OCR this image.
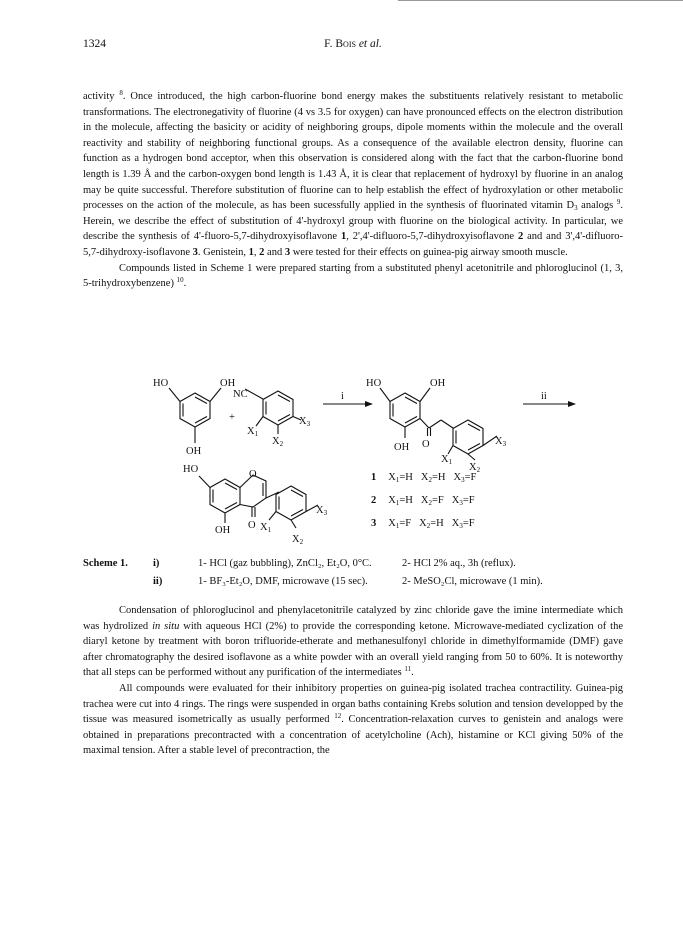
1324	F. Bois et al.

activity $^8$. Once introduced, the high carbon-fluorine bond energy makes the substituents relatively resistant to metabolic transformations. The electronegativity of fluorine (4 vs 3.5 for oxygen) can have pronounced effects on the electron distribution in the molecule, affecting the basicity or acidity of neighboring groups, dipole moments within the molecule and the overall reactivity and stability of neighboring functional groups. As a consequence of the available electron density, fluorine can function as a hydrogen bond acceptor, when this observation is considered along with the fact that the carbon-fluorine bond length is 1.39 Å and the carbon-oxygen bond length is 1.43 Å, it is clear that replacement of hydroxyl by fluorine in an analog may be quite successful. Therefore substitution of fluorine can to help establish the effect of hydroxylation or other metabolic processes on the action of the molecule, as has been sucessfully applied in the synthesis of fluorinated vitamin $D_3$ analogs $^9$. Herein, we describe the effect of substitution of 4'-hydroxyl group with fluorine on the biological activity. In particular, we describe the synthesis of 4'-fluoro-5,7-dihydroxyisoflavone 1, 2',4'-difluoro-5,7-dihydroxyisoflavone 2 and and 3',4'-difluoro-5,7-dihydroxy-isoflavone 3. Genistein, 1, 2 and 3 were tested for their effects on guinea-pig airway smooth muscle.

Compounds listed in Scheme 1 were prepared starting from a substituted phenyl acetonitrile and phloroglucinol (1, 3, 5-trihydroxybenzene) $^{10}$.

HO	OH
OH
NC
+
X1
X3
X2
i
HO	OH
OH O
X1
X3
X2
ii
HO	O
OH O X1
X3
X2
1 X1=H X2=H X3=F
2 X1=H X2=F X3=F
3 X1=F X2=H X3=F
Scheme 1. i)	1- HCl (gaz bubbling), ZnCl₂, Et₂O, 0°C.	2- HCl 2% aq., 3h (reflux).
ii)	1- BF₃-Et₂O, DMF, microwave (15 sec).	2- MeSO₂Cl, microwave (1 min).

Condensation of phloroglucinol and phenylacetonitrile catalyzed by zinc chloride gave the imine intermediate which was hydrolized in situ with aqueous HCl (2%) to provide the corresponding ketone. Microwave-mediated cyclization of the diaryl ketone by treatment with boron trifluoride-etherate and methanesulfonyl chloride in dimethylformamide (DMF) gave after chromatography the desired isoflavone as a white powder with an overall yield ranging from 50 to 60%. It is noteworthy that all steps can be performed without any purification of the intermediates $^{11}$.

All compounds were evaluated for their inhibitory properties on guinea-pig isolated trachea contractility. Guinea-pig trachea were cut into 4 rings. The rings were suspended in organ baths containing Krebs solution and tension developped by the tissue was measured isometrically as usually performed $^{12}$. Concentration-relaxation curves to genistein and analogs were obtained in preparations precontracted with a concentration of acetylcholine (Ach), histamine or KCl giving 50% of the maximal tension. After a stable level of precontraction, the
